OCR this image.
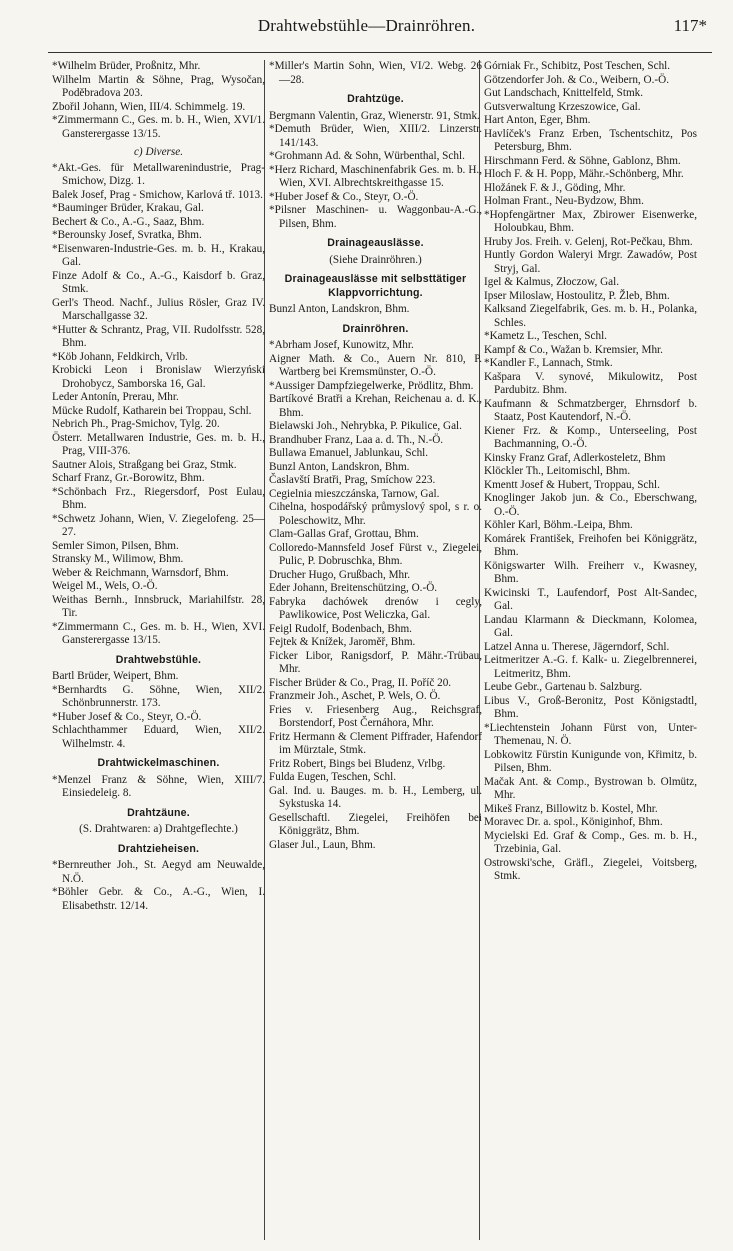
Drahtwebstühle—Drainröhren.	117*
*Wilhelm Brüder, Proßnitz, Mhr.
Wilhelm Martin & Söhne, Prag, Wysočan, Poděbradova 203.
Zbořil Johann, Wien, III/4. Schimmelg. 19.
*Zimmermann C., Ges. m. b. H., Wien, XVI/1. Gansterergasse 13/15.
c) Diverse.
*Akt.-Ges. für Metallwarenindustrie, Prag-Smichow, Dizg. 1.
Balek Josef, Prag - Smichow, Karlová tř. 1013.
*Bauminger Brüder, Krakau, Gal.
Bechert & Co., A.-G., Saaz, Bhm.
*Berounsky Josef, Svratka, Bhm.
*Eisenwaren-Industrie-Ges. m. b. H., Krakau, Gal.
Finze Adolf & Co., A.-G., Kaisdorf b. Graz, Stmk.
Gerl's Theod. Nachf., Julius Rösler, Graz IV. Marschallgasse 32.
*Hutter & Schrantz, Prag, VII. Rudolfsstr. 528, Bhm.
*Köb Johann, Feldkirch, Vrlb.
Krobicki Leon i Bronislaw Wierzyński Drohobycz, Samborska 16, Gal.
Leder Antonín, Prerau, Mhr.
Mücke Rudolf, Katharein bei Troppau, Schl.
Nebrich Ph., Prag-Smichov, Tylg. 20.
Österr. Metallwaren Industrie, Ges. m. b. H., Prag, VIII-376.
Sautner Alois, Straßgang bei Graz, Stmk.
Scharf Franz, Gr.-Borowitz, Bhm.
*Schönbach Frz., Riegersdorf, Post Eulau, Bhm.
*Schwetz Johann, Wien, V. Ziegelofeng. 25—27.
Semler Simon, Pilsen, Bhm.
Stransky M., Wilimow, Bhm.
Weber & Reichmann, Warnsdorf, Bhm.
Weigel M., Wels, O.-Ö.
Weithas Bernh., Innsbruck, Mariahilfstr. 28, Tir.
*Zimmermann C., Ges. m. b. H., Wien, XVI. Gansterergasse 13/15.
Drahtwebstühle.
Bartl Brüder, Weipert, Bhm.
*Bernhardts G. Söhne, Wien, XII/2. Schönbrunnerstr. 173.
*Huber Josef & Co., Steyr, O.-Ö.
Schlachthammer Eduard, Wien, XII/2. Wilhelmstr. 4.
Drahtwickelmaschinen.
*Menzel Franz & Söhne, Wien, XIII/7. Einsiedeleig. 8.
Drahtzäune.
(S. Drahtwaren: a) Drahtgeflechte.)
Drahtzieheisen.
*Bernreuther Joh., St. Aegyd am Neuwalde, N.Ö.
*Böhler Gebr. & Co., A.-G., Wien, I. Elisabethstr. 12/14.
*Miller's Martin Sohn, Wien, VI/2. Webg. 26—28.
Drahtzüge.
Bergmann Valentin, Graz, Wienerstr. 91, Stmk.
*Demuth Brüder, Wien, XIII/2. Linzerstr. 141/143.
*Grohmann Ad. & Sohn, Würbenthal, Schl.
*Herz Richard, Maschinenfabrik Ges. m. b. H., Wien, XVI. Albrechtskreithgasse 15.
*Huber Josef & Co., Steyr, O.-Ö.
*Pilsner Maschinen- u. Waggonbau-A.-G., Pilsen, Bhm.
Drainageauslässe.
(Siehe Drainröhren.)
Drainageauslässe mit selbsttätiger Klappvorrichtung.
Bunzl Anton, Landskron, Bhm.
Drainröhren.
*Abrham Josef, Kunowitz, Mhr.
Aigner Math. & Co., Auern Nr. 810, P. Wartberg bei Kremsmünster, O.-Ö.
*Aussiger Dampfziegelwerke, Prödlitz, Bhm.
Bartíkové Bratři a Krehan, Reichenau a. d. K., Bhm.
Bielawski Joh., Nehrybka, P. Pikulice, Gal.
Brandhuber Franz, Laa a. d. Th., N.-Ö.
Bullawa Emanuel, Jablunkau, Schl.
Bunzl Anton, Landskron, Bhm.
Časlavští Bratři, Prag, Smíchow 223.
Cegielnia mieszczánska, Tarnow, Gal.
Cihelna, hospodářský průmyslový spol, s r. o. Poleschowitz, Mhr.
Clam-Gallas Graf, Grottau, Bhm.
Colloredo-Mannsfeld Josef Fürst v., Ziegelei, Pulic, P. Dobruschka, Bhm.
Drucher Hugo, Grußbach, Mhr.
Eder Johann, Breitenschützing, O.-Ö.
Fabryka dachówek drenów i cegly, Pawlikowice, Post Weliczka, Gal.
Feigl Rudolf, Bodenbach, Bhm.
Fejtek & Knížek, Jaroměř, Bhm.
Ficker Libor, Ranigsdorf, P. Mähr.-Trübau, Mhr.
Fischer Brüder & Co., Prag, II. Poříč 20.
Franzmeir Joh., Aschet, P. Wels, O. Ö.
Fries v. Friesenberg Aug., Reichsgraf, Borstendorf, Post Černáhora, Mhr.
Fritz Hermann & Clement Piffrader, Hafendorf im Mürztale, Stmk.
Fritz Robert, Bings bei Bludenz, Vrlbg.
Fulda Eugen, Teschen, Schl.
Gal. Ind. u. Bauges. m. b. H., Lemberg, ul. Sykstuska 14.
Gesellschaftl. Ziegelei, Freihöfen bei Königgrätz, Bhm.
Glaser Jul., Laun, Bhm.
Górniak Fr., Schibitz, Post Teschen, Schl.
Götzendorfer Joh. & Co., Weibern, O.-Ö.
Gut Landschach, Knittelfeld, Stmk.
Gutsverwaltung Krzeszowice, Gal.
Hart Anton, Eger, Bhm.
Havlíček's Franz Erben, Tschentschitz, Pos Petersburg, Bhm.
Hirschmann Ferd. & Söhne, Gablonz, Bhm.
Hloch F. & H. Popp, Mähr.-Schönberg, Mhr.
Hložánek F. & J., Göding, Mhr.
Holman Frant., Neu-Bydzow, Bhm.
*Hopfengärtner Max, Zbirower Eisenwerke, Holoubkau, Bhm.
Hruby Jos. Freih. v. Gelenj, Rot-Pečkau, Bhm.
Huntly Gordon Waleryi Mrgr. Zawadów, Post Stryj, Gal.
Igel & Kalmus, Złoczow, Gal.
Ipser Miloslaw, Hostoulitz, P. Žleb, Bhm.
Kalksand Ziegelfabrik, Ges. m. b. H., Polanka, Schles.
*Kametz L., Teschen, Schl.
Kampf & Co., Wažan b. Kremsier, Mhr.
*Kandler F., Lannach, Stmk.
Kašpara V. synové, Mikulowitz, Post Pardubitz. Bhm.
Kaufmann & Schmatzberger, Ehrnsdorf b. Staatz, Post Kautendorf, N.-Ö.
Kiener Frz. & Komp., Unterseeling, Post Bachmanning, O.-Ö.
Kinsky Franz Graf, Adlerkosteletz, Bhm
Klöckler Th., Leitomischl, Bhm.
Kmentt Josef & Hubert, Troppau, Schl.
Knoglinger Jakob jun. & Co., Eberschwang, O.-Ö.
Köhler Karl, Böhm.-Leipa, Bhm.
Komárek František, Freihofen bei Königgrätz, Bhm.
Königswarter Wilh. Freiherr v., Kwasney, Bhm.
Kwicinski T., Laufendorf, Post Alt-Sandec, Gal.
Landau Klarmann & Dieckmann, Kolomea, Gal.
Latzel Anna u. Therese, Jägerndorf, Schl.
Leitmeritzer A.-G. f. Kalk- u. Ziegelbrennerei, Leitmeritz, Bhm.
Leube Gebr., Gartenau b. Salzburg.
Libus V., Groß-Beronitz, Post Königstadtl, Bhm.
*Liechtenstein Johann Fürst von, Unter-Themenau, N. Ö.
Lobkowitz Fürstin Kunigunde von, Křimitz, b. Pilsen, Bhm.
Mačak Ant. & Comp., Bystrowan b. Olmütz, Mhr.
Mikeš Franz, Billowitz b. Kostel, Mhr.
Moravec Dr. a. spol., Königinhof, Bhm.
Mycielski Ed. Graf & Comp., Ges. m. b. H., Trzebinia, Gal.
Ostrowski'sche, Gräfl., Ziegelei, Voitsberg, Stmk.
